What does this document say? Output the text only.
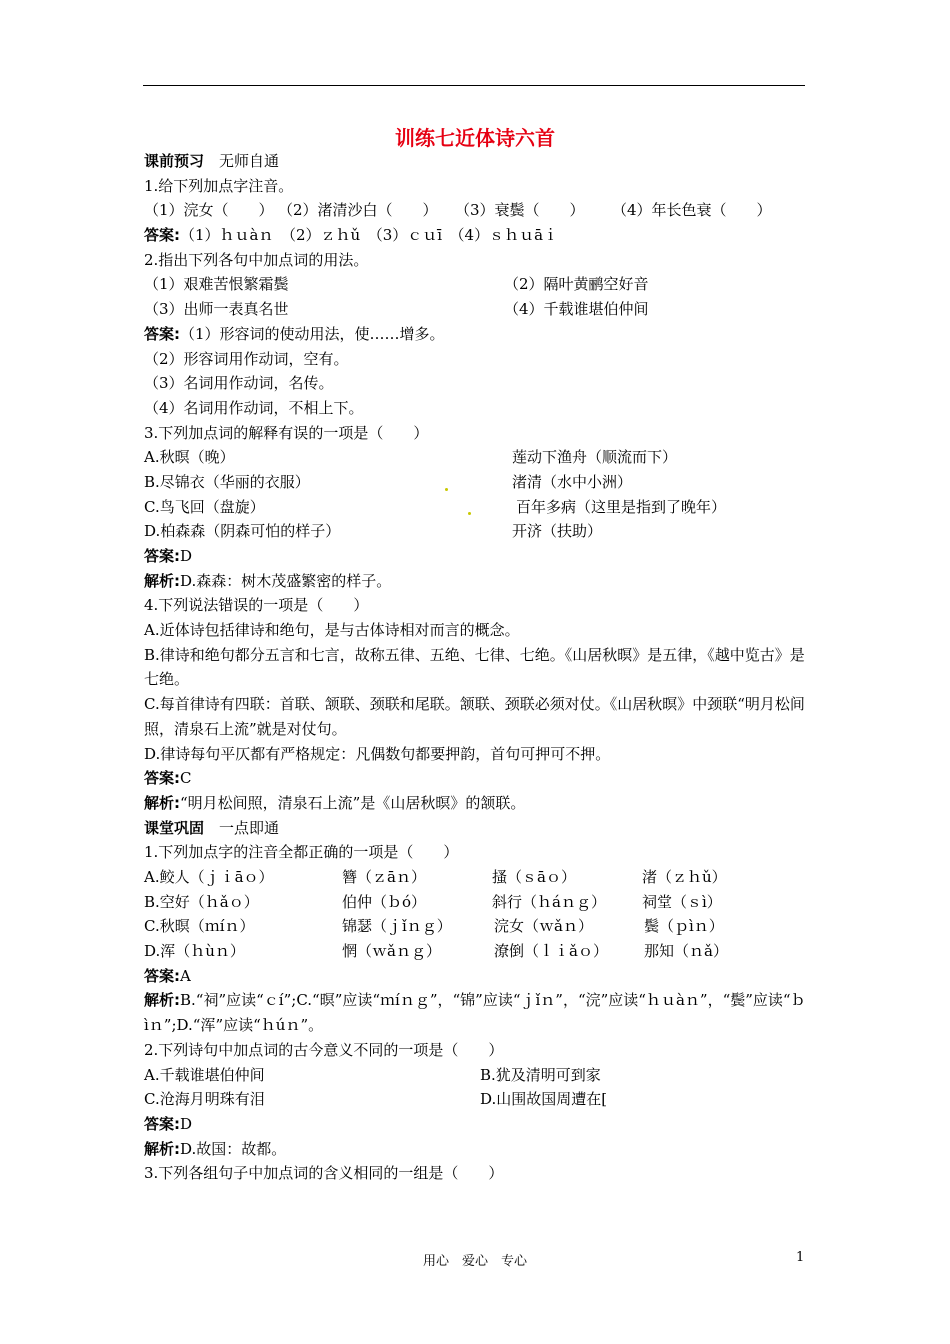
训练七近体诗六首
课前预习　 无师自通
1.给下列加点字注音。
（1）浣女（　　） （2）渚清沙白（　　）	（3）衰鬓（　　）	（4）年长色衰（　　）
答案:（1）ｈｕàｎ　（2）ｚｈǔ　（3）ｃｕī　（4）ｓｈｕāｉ
2.指出下列各句中加点词的用法。
（1）艰难苦恨繁霜鬓	（2）隔叶黄鹂空好音
（3）出师一表真名世	（4）千载谁堪伯仲间
答案:（1）形容词的使动用法，使……增多。
（2）形容词用作动词，空有。
（3）名词用作动词，名传。
（4）名词用作动词，不相上下。
3.下列加点词的解释有误的一项是（　　）
A.秋暝（晚）	莲动下渔舟（顺流而下）
B.尽锦衣（华丽的衣服）	渚清（水中小洲）
C.鸟飞回（盘旋）	百年多病（这里是指到了晚年）
D.柏森森（阴森可怕的样子）	开济（扶助）
答案:D
解析:D.森森：树木茂盛繁密的样子。
4.下列说法错误的一项是（　　）
A.近体诗包括律诗和绝句，是与古体诗相对而言的概念。
B.律诗和绝句都分五言和七言，故称五律、五绝、七律、七绝。《山居秋暝》是五律，《越中览古》是七绝。
C.每首律诗有四联：首联、颔联、颈联和尾联。颔联、颈联必须对仗。《山居秋暝》中颈联“明月松间照，清泉石上流”就是对仗句。
D.律诗每句平仄都有严格规定：凡偶数句都要押韵，首句可押可不押。
答案:C
解析:“明月松间照，清泉石上流”是《山居秋暝》的颔联。
课堂巩固　 一点即通
1.下列加点字的注音全都正确的一项是（　　）
A.鲛人（ｊｉāｏ）	簪（ｚāｎ）	搔（ｓāｏ）	渚（ｚｈǔ）
B.空好（ｈǎｏ）	伯仲（ｂó）	斜行（ｈáｎｇ）	祠堂（ｓì）
C.秋暝（ｍíｎ）	锦瑟（ｊǐｎｇ）	浣女（ｗǎｎ）	鬓（ｐìｎ）
D.浑（ｈùｎ）	惘（ｗǎｎｇ）	潦倒（ｌｉǎｏ）	那知（ｎǎ）
答案:A
解析:B.“祠”应读“ｃí”;C.“暝”应读“ｍíｎｇ”，“锦”应读“ｊǐｎ”，“浣”应读“ｈｕàｎ”，“鬓”应读“ｂìｎ”;D.“浑”应读“ｈúｎ”。
2.下列诗句中加点词的古今意义不同的一项是（　　）
A.千载谁堪伯仲间	B.犹及清明可到家
C.沧海月明珠有泪	D.山围故国周遭在[
答案:D
解析:D.故国：故都。
3.下列各组句子中加点词的含义相同的一组是（　　）
用心　爱心　专心	1
